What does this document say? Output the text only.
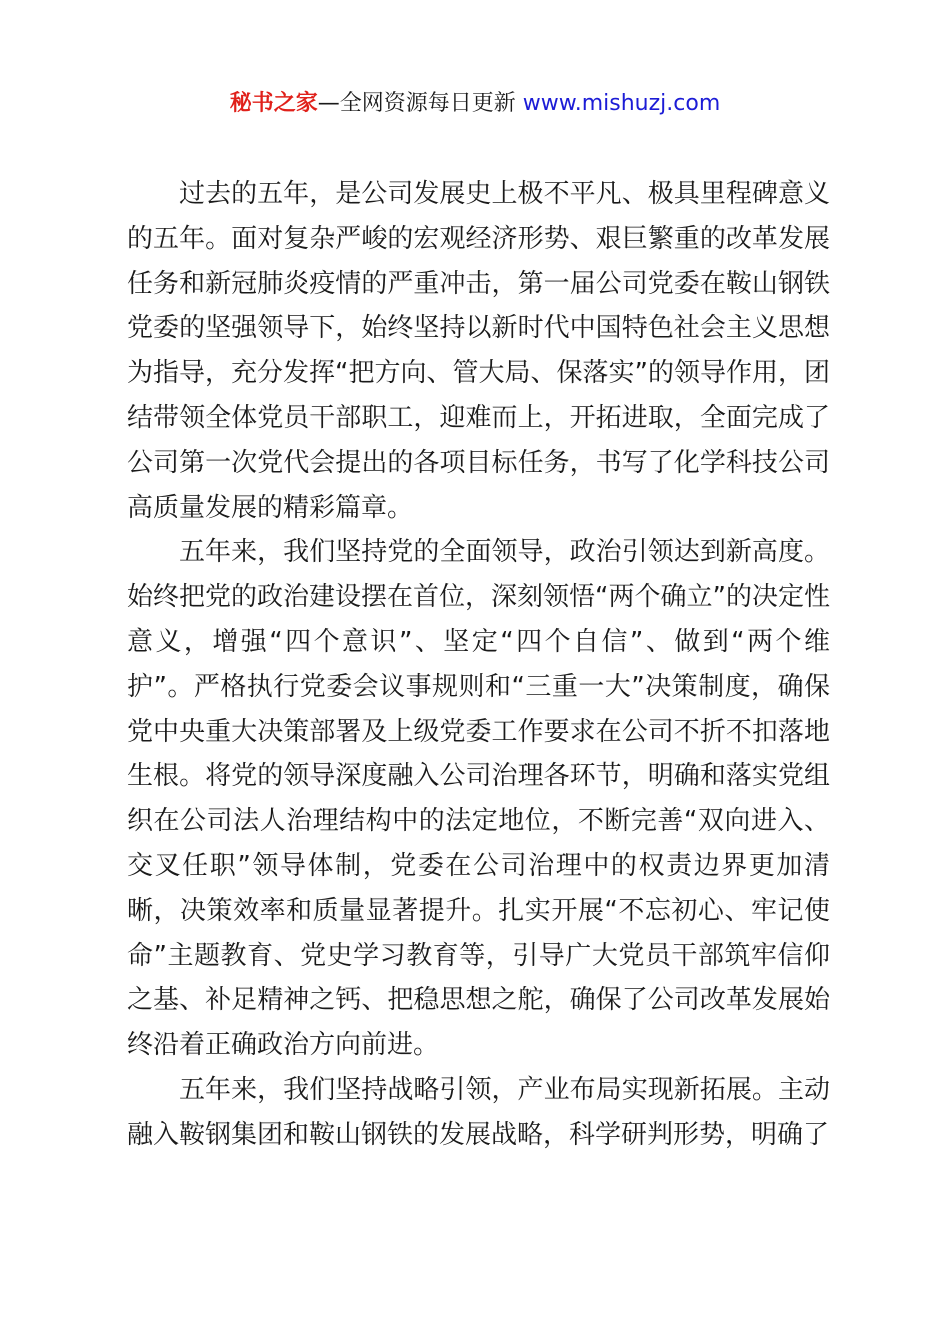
秘书之家—全网资源每日更新 www.mishuzj.com

过去的五年，是公司发展史上极不平凡、极具里程碑意义的五年。面对复杂严峻的宏观经济形势、艰巨繁重的改革发展任务和新冠肺炎疫情的严重冲击，第一届公司党委在鞍山钢铁党委的坚强领导下，始终坚持以新时代中国特色社会主义思想为指导，充分发挥“把方向、管大局、保落实”的领导作用，团结带领全体党员干部职工，迎难而上，开拓进取，全面完成了公司第一次党代会提出的各项目标任务，书写了化学科技公司高质量发展的精彩篇章。

五年来，我们坚持党的全面领导，政治引领达到新高度。始终把党的政治建设摆在首位，深刻领悟“两个确立”的决定性意义，增强“四个意识”、坚定“四个自信”、做到“两个维护”。严格执行党委会议事规则和“三重一大”决策制度，确保党中央重大决策部署及上级党委工作要求在公司不折不扣落地生根。将党的领导深度融入公司治理各环节，明确和落实党组织在公司法人治理结构中的法定地位，不断完善“双向进入、交叉任职”领导体制，党委在公司治理中的权责边界更加清晰，决策效率和质量显著提升。扎实开展“不忘初心、牢记使命”主题教育、党史学习教育等，引导广大党员干部筑牢信仰之基、补足精神之钙、把稳思想之舵，确保了公司改革发展始终沿着正确政治方向前进。

五年来，我们坚持战略引领，产业布局实现新拓展。主动融入鞍钢集团和鞍山钢铁的发展战略，科学研判形势，明确了
